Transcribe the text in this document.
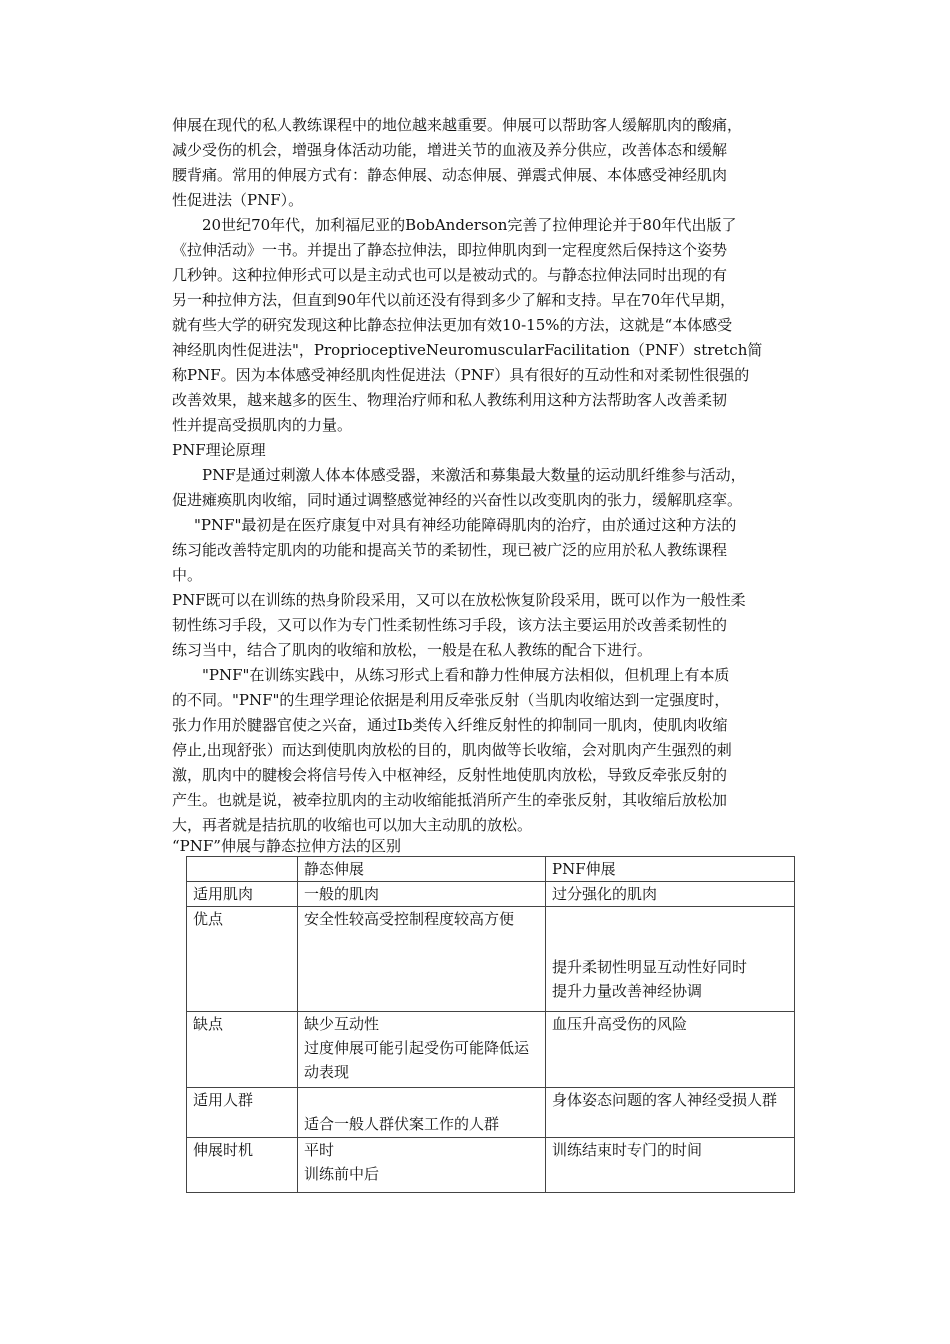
伸展在现代的私人教练课程中的地位越来越重要。伸展可以帮助客人缓解肌肉的酸痛，
减少受伤的机会，增强身体活动功能，增进关节的血液及养分供应，改善体态和缓解
腰背痛。常用的伸展方式有：静态伸展、动态伸展、弹震式伸展、本体感受神经肌肉
性促进法（PNF）。
20世纪70年代，加利福尼亚的BobAnderson完善了拉伸理论并于80年代出版了
《拉伸活动》一书。并提出了静态拉伸法，即拉伸肌肉到一定程度然后保持这个姿势
几秒钟。这种拉伸形式可以是主动式也可以是被动式的。与静态拉伸法同时出现的有
另一种拉伸方法，但直到90年代以前还没有得到多少了解和支持。早在70年代早期，
就有些大学的研究发现这种比静态拉伸法更加有效10-15%的方法，这就是“本体感受
神经肌肉性促进法"，ProprioceptiveNeuromuscularFacilitation（PNF）stretch简
称PNF。因为本体感受神经肌肉性促进法（PNF）具有很好的互动性和对柔韧性很强的
改善效果，越来越多的医生、物理治疗师和私人教练利用这种方法帮助客人改善柔韧
性并提高受损肌肉的力量。
PNF理论原理
PNF是通过刺激人体本体感受器，来激活和募集最大数量的运动肌纤维参与活动，
促进瘫痪肌肉收缩，同时通过调整感觉神经的兴奋性以改变肌肉的张力，缓解肌痉挛。
"PNF"最初是在医疗康复中对具有神经功能障碍肌肉的治疗，由於通过这种方法的
练习能改善特定肌肉的功能和提高关节的柔韧性，现已被广泛的应用於私人教练课程
中。
PNF既可以在训练的热身阶段采用，又可以在放松恢复阶段采用，既可以作为一般性柔
韧性练习手段，又可以作为专门性柔韧性练习手段，该方法主要运用於改善柔韧性的
练习当中，结合了肌肉的收缩和放松，一般是在私人教练的配合下进行。
"PNF"在训练实践中，从练习形式上看和静力性伸展方法相似，但机理上有本质
的不同。"PNF"的生理学理论依据是利用反牵张反射（当肌肉收缩达到一定强度时，
张力作用於腱器官使之兴奋，通过Ib类传入纤维反射性的抑制同一肌肉，使肌肉收缩
停止,出现舒张）而达到使肌肉放松的目的，肌肉做等长收缩，会对肌肉产生强烈的刺
激，肌肉中的腱梭会将信号传入中枢神经，反射性地使肌肉放松，导致反牵张反射的
产生。也就是说，被牵拉肌肉的主动收缩能抵消所产生的牵张反射，其收缩后放松加
大，再者就是拮抗肌的收缩也可以加大主动肌的放松。
“PNF”伸展与静态拉伸方法的区别
	静态伸展	PNF伸展
适用肌肉	一般的肌肉	过分强化的肌肉

优点	安全性较高受控制程度较高方便	提升柔韧性明显互动性好同时
提升力量改善神经协调

缺点	缺少互动性
过度伸展可能引起受伤可能降低运动表现	血压升高受伤的风险

适用人群	适合一般人群伏案工作的人群	身体姿态问题的客人神经受损人群

伸展时机	平时
训练前中后	训练结束时专门的时间
